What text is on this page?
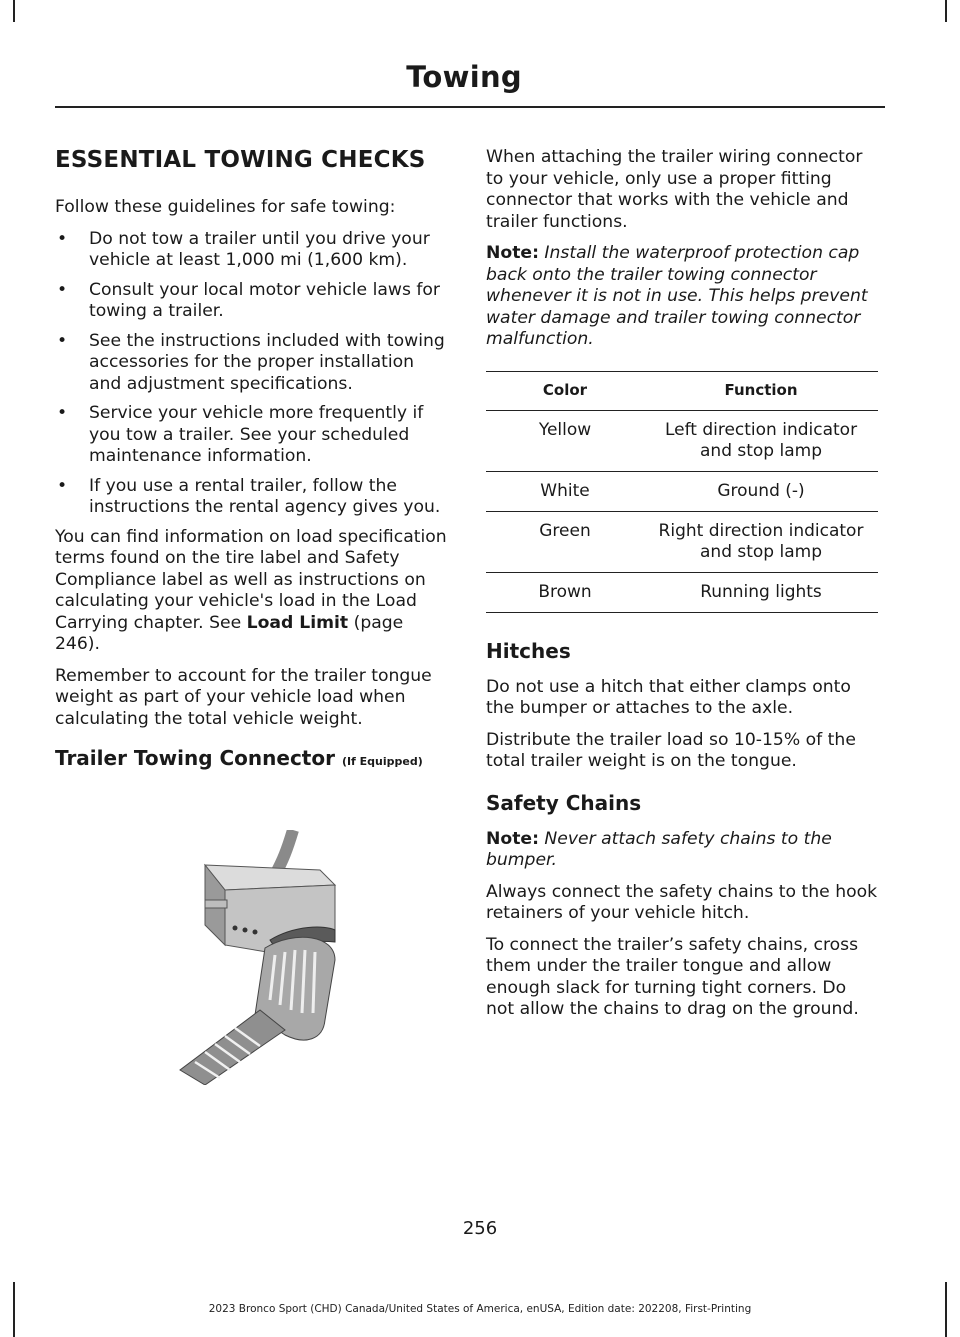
Towing
ESSENTIAL TOWING CHECKS

Follow these guidelines for safe towing:

• Do not tow a trailer until you drive your vehicle at least 1,000 mi (1,600 km).
• Consult your local motor vehicle laws for towing a trailer.
• See the instructions included with towing accessories for the proper installation and adjustment specifications.
• Service your vehicle more frequently if you tow a trailer. See your scheduled maintenance information.
• If you use a rental trailer, follow the instructions the rental agency gives you.

You can find information on load specification terms found on the tire label and Safety Compliance label as well as instructions on calculating your vehicle's load in the Load Carrying chapter. See Load Limit (page 246).

Remember to account for the trailer tongue weight as part of your vehicle load when calculating the total vehicle weight.

Trailer Towing Connector (If Equipped)

When attaching the trailer wiring connector to your vehicle, only use a proper fitting connector that works with the vehicle and trailer functions.

Note: Install the waterproof protection cap back onto the trailer towing connector whenever it is not in use. This helps prevent water damage and trailer towing connector malfunction.

Color	Function
Yellow	Left direction indicator and stop lamp
White	Ground (-)
Green	Right direction indicator and stop lamp
Brown	Running lights
Hitches

Do not use a hitch that either clamps onto the bumper or attaches to the axle.

Distribute the trailer load so 10-15% of the total trailer weight is on the tongue.

Safety Chains

Note: Never attach safety chains to the bumper.

Always connect the safety chains to the hook retainers of your vehicle hitch.

To connect the trailer’s safety chains, cross them under the trailer tongue and allow enough slack for turning tight corners. Do not allow the chains to drag on the ground.

256
2023 Bronco Sport (CHD) Canada/United States of America, enUSA, Edition date: 202208, First-Printing
